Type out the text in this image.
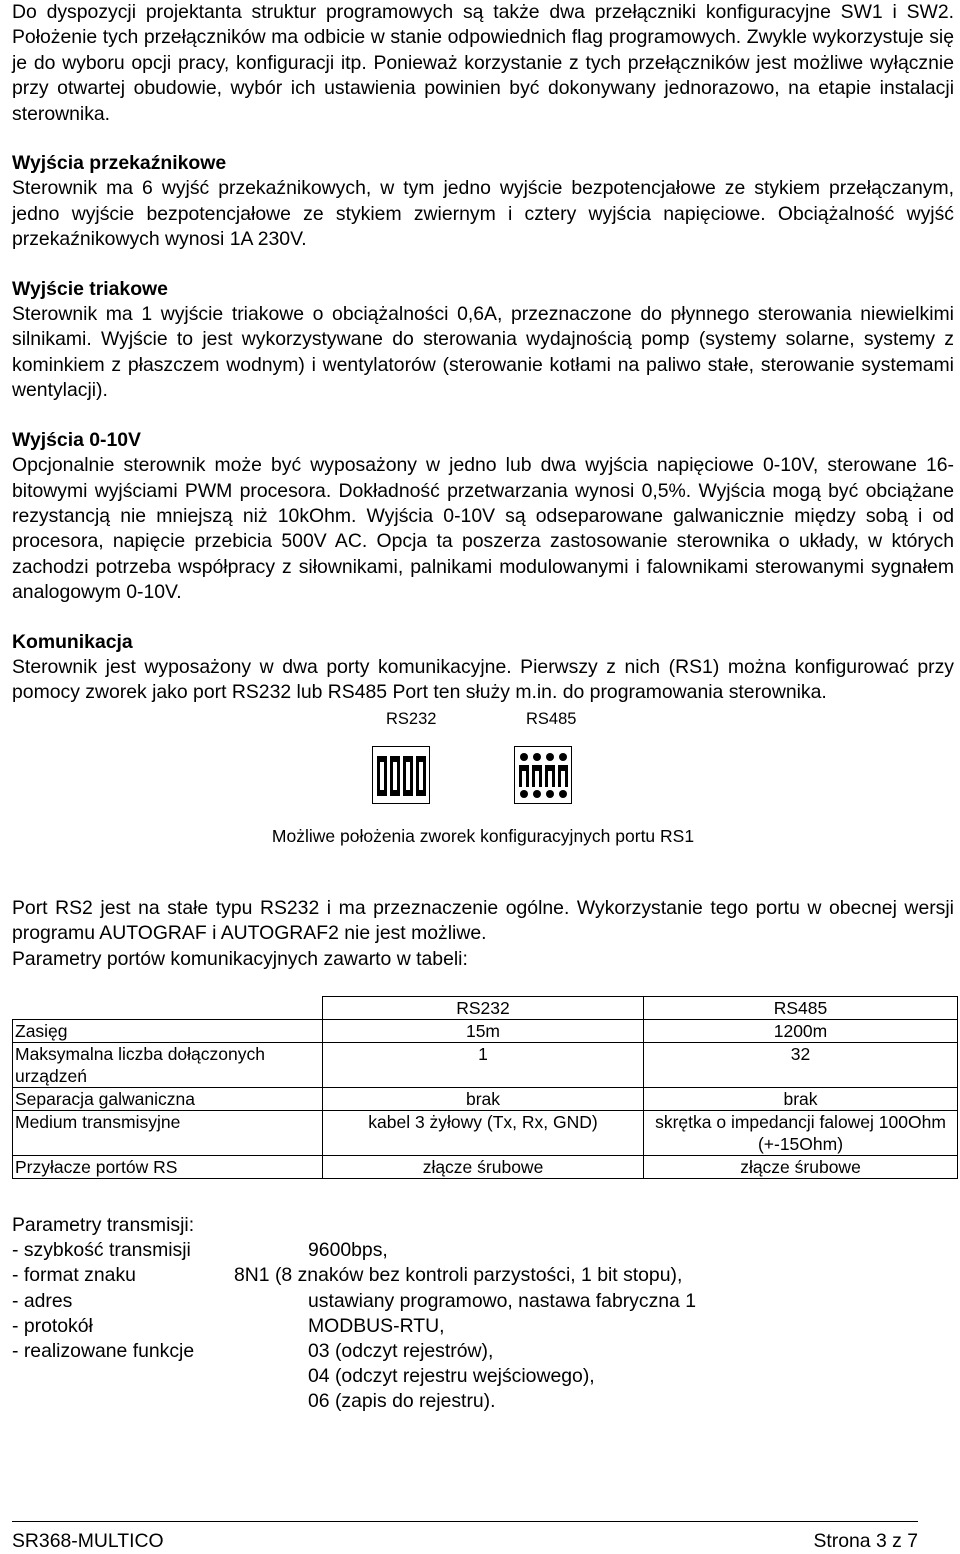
Do dyspozycji projektanta struktur programowych są także dwa przełączniki konfiguracyjne SW1 i SW2. Położenie tych przełączników ma odbicie w stanie odpowiednich flag programowych. Zwykle wykorzystuje się je do wyboru opcji pracy, konfiguracji itp. Ponieważ korzystanie z tych przełączników jest możliwe wyłącznie przy otwartej obudowie, wybór ich ustawienia powinien być dokonywany jednorazowo, na etapie instalacji sterownika.

Wyjścia przekaźnikowe

Sterownik ma 6 wyjść przekaźnikowych, w tym jedno wyjście bezpotencjałowe ze stykiem przełączanym, jedno wyjście bezpotencjałowe ze stykiem zwiernym i cztery wyjścia napięciowe. Obciążalność wyjść przekaźnikowych wynosi 1A 230V.

Wyjście triakowe

Sterownik ma 1 wyjście triakowe o obciążalności 0,6A, przeznaczone do płynnego sterowania niewielkimi silnikami. Wyjście to jest wykorzystywane do sterowania wydajnością pomp (systemy solarne, systemy z kominkiem z płaszczem wodnym) i wentylatorów (sterowanie kotłami na paliwo stałe, sterowanie systemami wentylacji).

Wyjścia 0-10V

Opcjonalnie sterownik może być wyposażony w jedno lub dwa wyjścia napięciowe 0-10V, sterowane 16-bitowymi wyjściami PWM procesora. Dokładność przetwarzania wynosi 0,5%. Wyjścia mogą być obciążane rezystancją nie mniejszą niż 10kOhm. Wyjścia 0-10V są odseparowane galwanicznie między sobą i od procesora, napięcie przebicia 500V AC. Opcja ta poszerza zastosowanie sterownika o układy, w których zachodzi potrzeba współpracy z siłownikami, palnikami modulowanymi i falownikami sterowanymi sygnałem analogowym 0-10V.

Komunikacja

Sterownik jest wyposażony w dwa porty komunikacyjne. Pierwszy z nich (RS1) można konfigurować przy pomocy zworek jako port RS232 lub RS485 Port ten służy m.in. do programowania sterownika.

RS232	RS485
Możliwe położenia zworek konfiguracyjnych portu RS1

Port RS2 jest na stałe typu RS232 i ma przeznaczenie ogólne. Wykorzystanie tego portu w obecnej wersji programu AUTOGRAF i AUTOGRAF2 nie jest możliwe.

Parametry portów komunikacyjnych zawarto w tabeli:

	RS232	RS485
Zasięg	15m	1200m
Maksymalna liczba dołączonych urządzeń	1	32
Separacja galwaniczna	brak	brak
Medium transmisyjne	kabel 3 żyłowy (Tx, Rx, GND)	skrętka o impedancji falowej 100Ohm (+-15Ohm)
Przyłacze portów RS	złącze śrubowe	złącze śrubowe
Parametry transmisji:
- szybkość transmisji	9600bps,
- format znaku	8N1 (8 znaków bez kontroli parzystości, 1 bit stopu),
- adres	ustawiany programowo, nastawa fabryczna 1
- protokół	MODBUS-RTU,
- realizowane funkcje	03 (odczyt rejestrów),
04 (odczyt rejestru wejściowego),
06 (zapis do rejestru).
SR368-MULTICO	Strona 3 z 7
